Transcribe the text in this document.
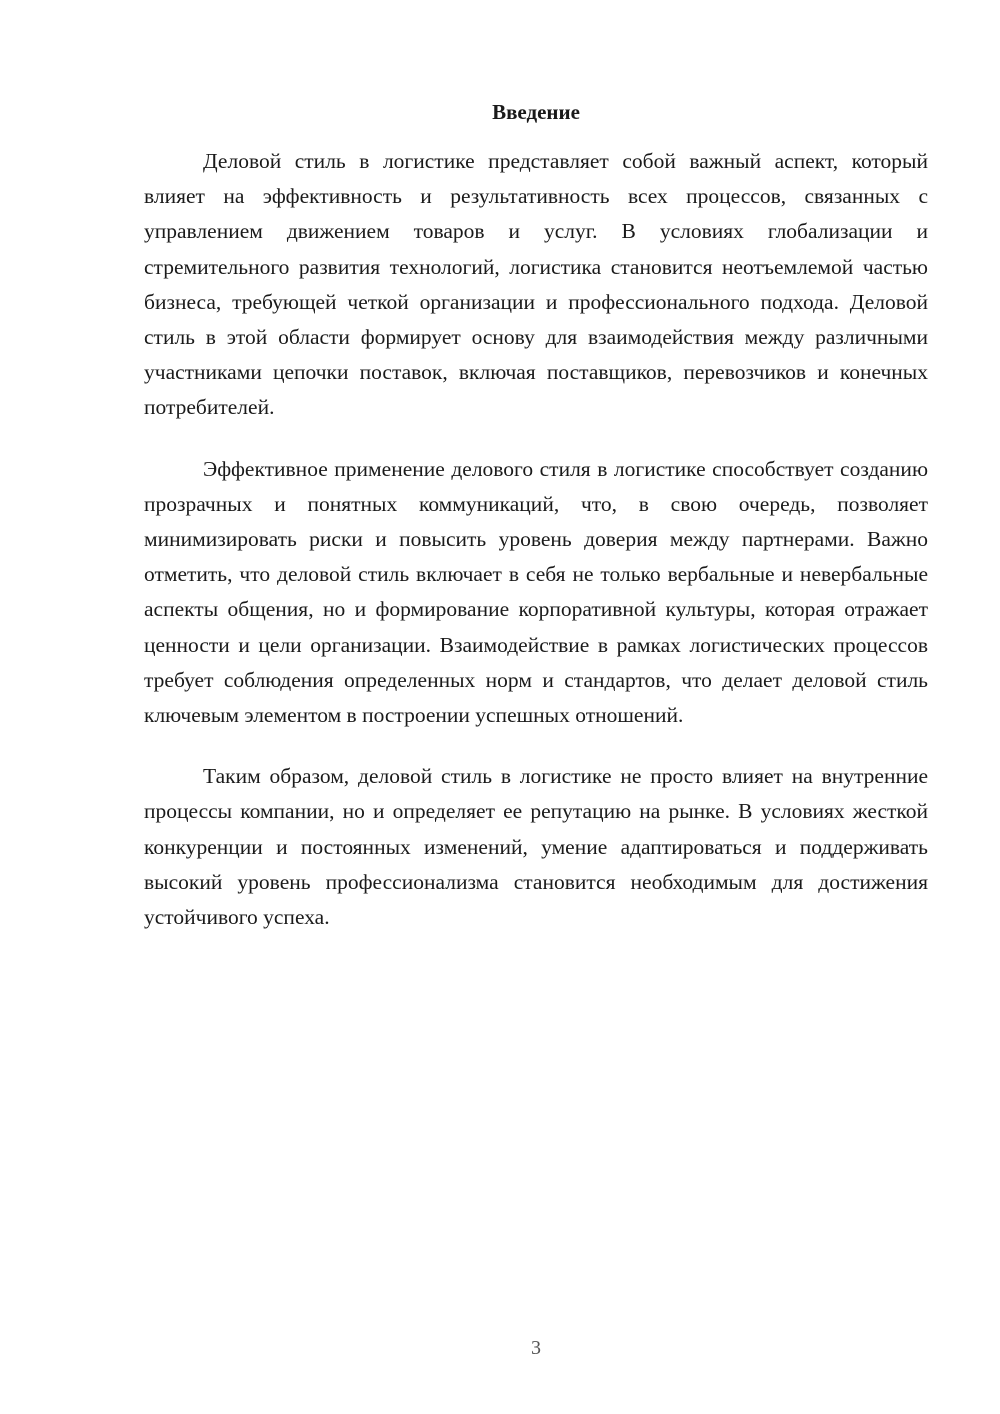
Введение

Деловой стиль в логистике представляет собой важный аспект, который влияет на эффективность и результативность всех процессов, связанных с управлением движением товаров и услуг. В условиях глобализации и стремительного развития технологий, логистика становится неотъемлемой частью бизнеса, требующей четкой организации и профессионального подхода. Деловой стиль в этой области формирует основу для взаимодействия между различными участниками цепочки поставок, включая поставщиков, перевозчиков и конечных потребителей.

Эффективное применение делового стиля в логистике способствует созданию прозрачных и понятных коммуникаций, что, в свою очередь, позволяет минимизировать риски и повысить уровень доверия между партнерами. Важно отметить, что деловой стиль включает в себя не только вербальные и невербальные аспекты общения, но и формирование корпоративной культуры, которая отражает ценности и цели организации. Взаимодействие в рамках логистических процессов требует соблюдения определенных норм и стандартов, что делает деловой стиль ключевым элементом в построении успешных отношений.

Таким образом, деловой стиль в логистике не просто влияет на внутренние процессы компании, но и определяет ее репутацию на рынке. В условиях жесткой конкуренции и постоянных изменений, умение адаптироваться и поддерживать высокий уровень профессионализма становится необходимым для достижения устойчивого успеха.

3
